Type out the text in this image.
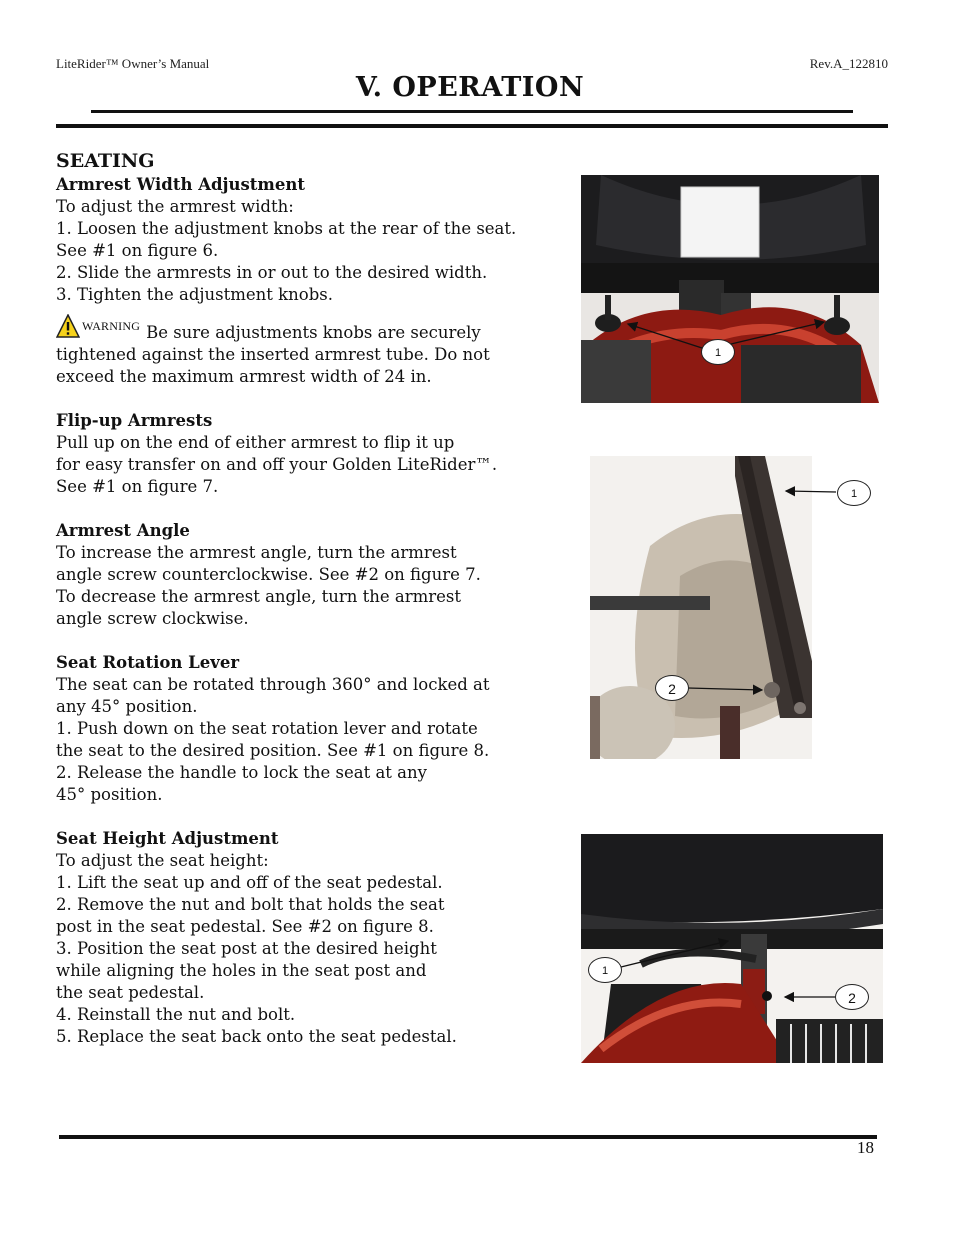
LiteRider™ Owner’s Manual	Rev.A_122810
V. OPERATION
SEATING
Armrest Width Adjustment
To adjust the armrest width:
1. Loosen the adjustment knobs at the rear of the seat.
See #1 on figure 6.
2. Slide the armrests in or out to the desired width.
3. Tighten the adjustment knobs.
WARNING Be sure adjustments knobs are securely
tightened against the inserted armrest tube. Do not
exceed the maximum armrest width of 24 in.
Flip-up Armrests
Pull up on the end of either armrest to flip it up
for easy transfer on and off your Golden LiteRider™.
See #1 on figure 7.
Armrest Angle
To increase the armrest angle, turn the armrest
angle screw counterclockwise. See #2 on figure 7.
To decrease the armrest angle, turn the armrest
angle screw clockwise.
Seat Rotation Lever
The seat can be rotated through 360° and locked at
any 45° position.
1. Push down on the seat rotation lever and rotate
the seat to the desired position. See #1 on figure 8.
2. Release the handle to lock the seat at any
45° position.
Seat Height Adjustment
To adjust the seat height:
1. Lift the seat up and off of the seat pedestal.
2. Remove the nut and bolt that holds the seat
post in the seat pedestal. See #2 on figure 8.
3. Position the seat post at the desired height
while aligning the holes in the seat post and
the seat pedestal.
4. Reinstall the nut and bolt.
5. Replace the seat back onto the seat pedestal.
1
1
2
1
2
18
